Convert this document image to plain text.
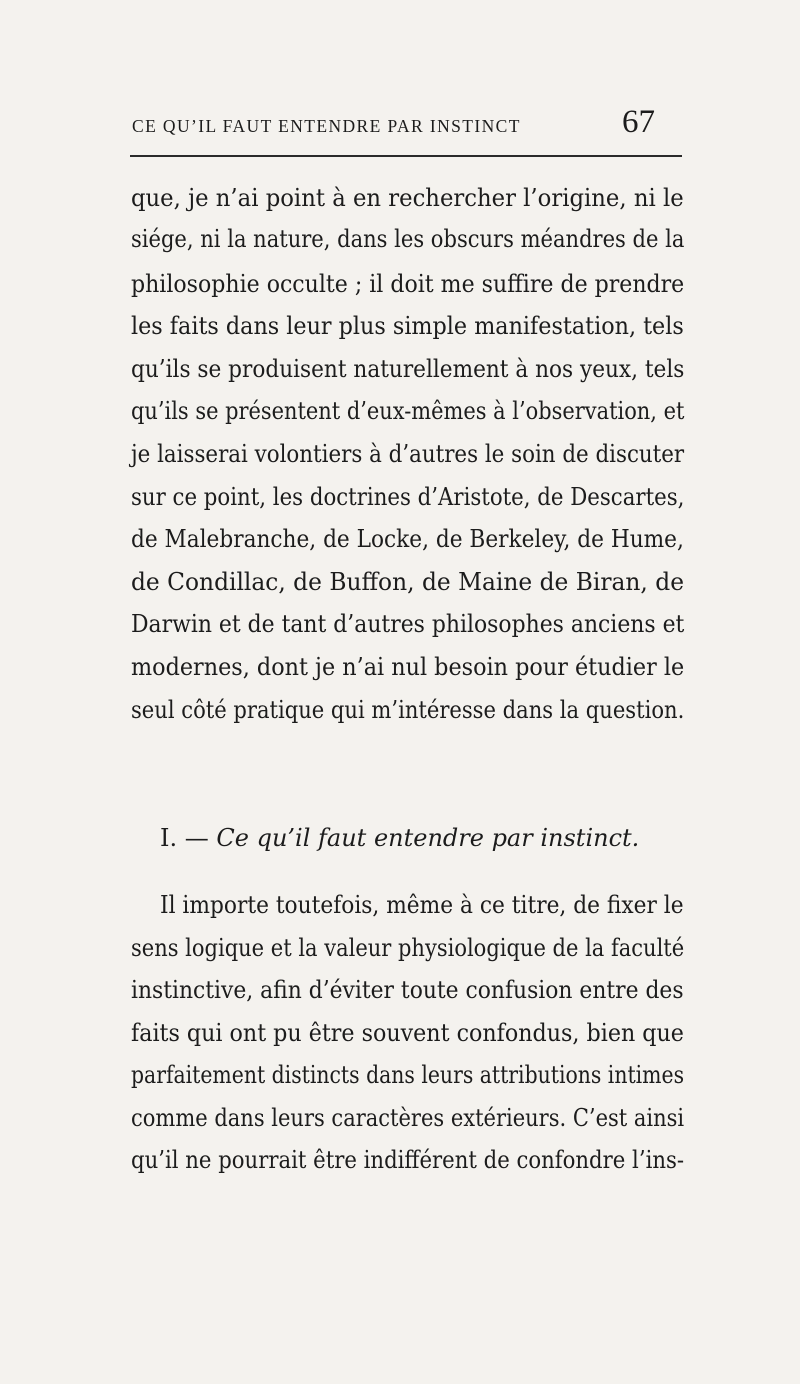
CE QU’IL FAUT ENTENDRE PAR INSTINCT	67
que, je n’ai point à en rechercher l’origine, ni le
siége, ni la nature, dans les obscurs méandres de la
philosophie occulte ; il doit me suffire de prendre
les faits dans leur plus simple manifestation, tels
qu’ils se produisent naturellement à nos yeux, tels
qu’ils se présentent d’eux-mêmes à l’observation, et
je laisserai volontiers à d’autres le soin de discuter
sur ce point, les doctrines d’Aristote, de Descartes,
de Malebranche, de Locke, de Berkeley, de Hume,
de Condillac, de Buffon, de Maine de Biran, de
Darwin et de tant d’autres philosophes anciens et
modernes, dont je n’ai nul besoin pour étudier le
seul côté pratique qui m’intéresse dans la question.
I. — Ce qu’il faut entendre par instinct.
Il importe toutefois, même à ce titre, de fixer le
sens logique et la valeur physiologique de la faculté
instinctive, afin d’éviter toute confusion entre des
faits qui ont pu être souvent confondus, bien que
parfaitement distincts dans leurs attributions intimes
comme dans leurs caractères extérieurs. C’est ainsi
qu’il ne pourrait être indifférent de confondre l’ins-
